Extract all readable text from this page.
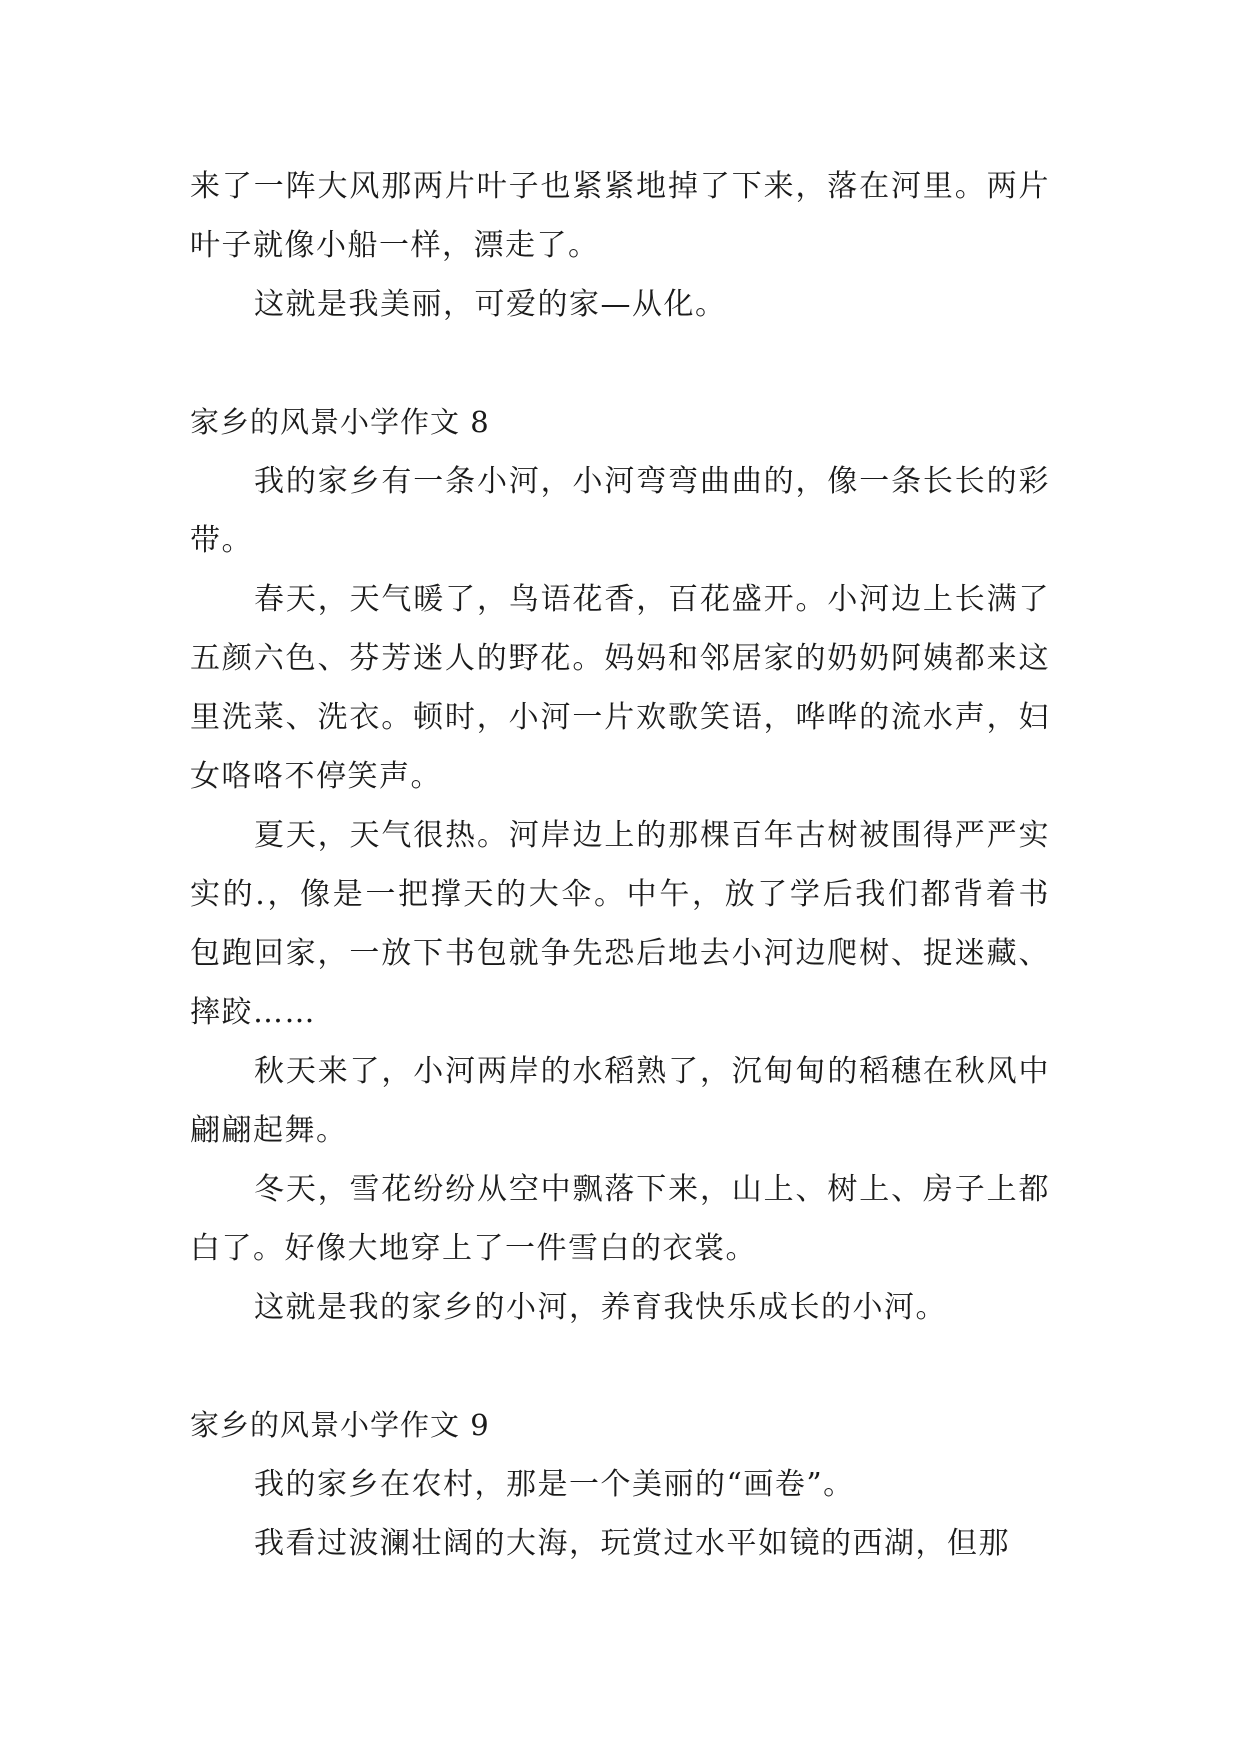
来了一阵大风那两片叶子也紧紧地掉了下来，落在河里。两片叶子就像小船一样，漂走了。

这就是我美丽，可爱的家—从化。

家乡的风景小学作文 8

我的家乡有一条小河，小河弯弯曲曲的，像一条长长的彩带。

春天，天气暖了，鸟语花香，百花盛开。小河边上长满了五颜六色、芬芳迷人的野花。妈妈和邻居家的奶奶阿姨都来这里洗菜、洗衣。顿时，小河一片欢歌笑语，哗哗的流水声，妇女咯咯不停笑声。

夏天，天气很热。河岸边上的那棵百年古树被围得严严实实的.，像是一把撑天的大伞。中午，放了学后我们都背着书包跑回家，一放下书包就争先恐后地去小河边爬树、捉迷藏、摔跤……

秋天来了，小河两岸的水稻熟了，沉甸甸的稻穗在秋风中翩翩起舞。

冬天，雪花纷纷从空中飘落下来，山上、树上、房子上都白了。好像大地穿上了一件雪白的衣裳。

这就是我的家乡的小河，养育我快乐成长的小河。

家乡的风景小学作文 9

我的家乡在农村，那是一个美丽的“画卷”。

我看过波澜壮阔的大海，玩赏过水平如镜的西湖，但那
